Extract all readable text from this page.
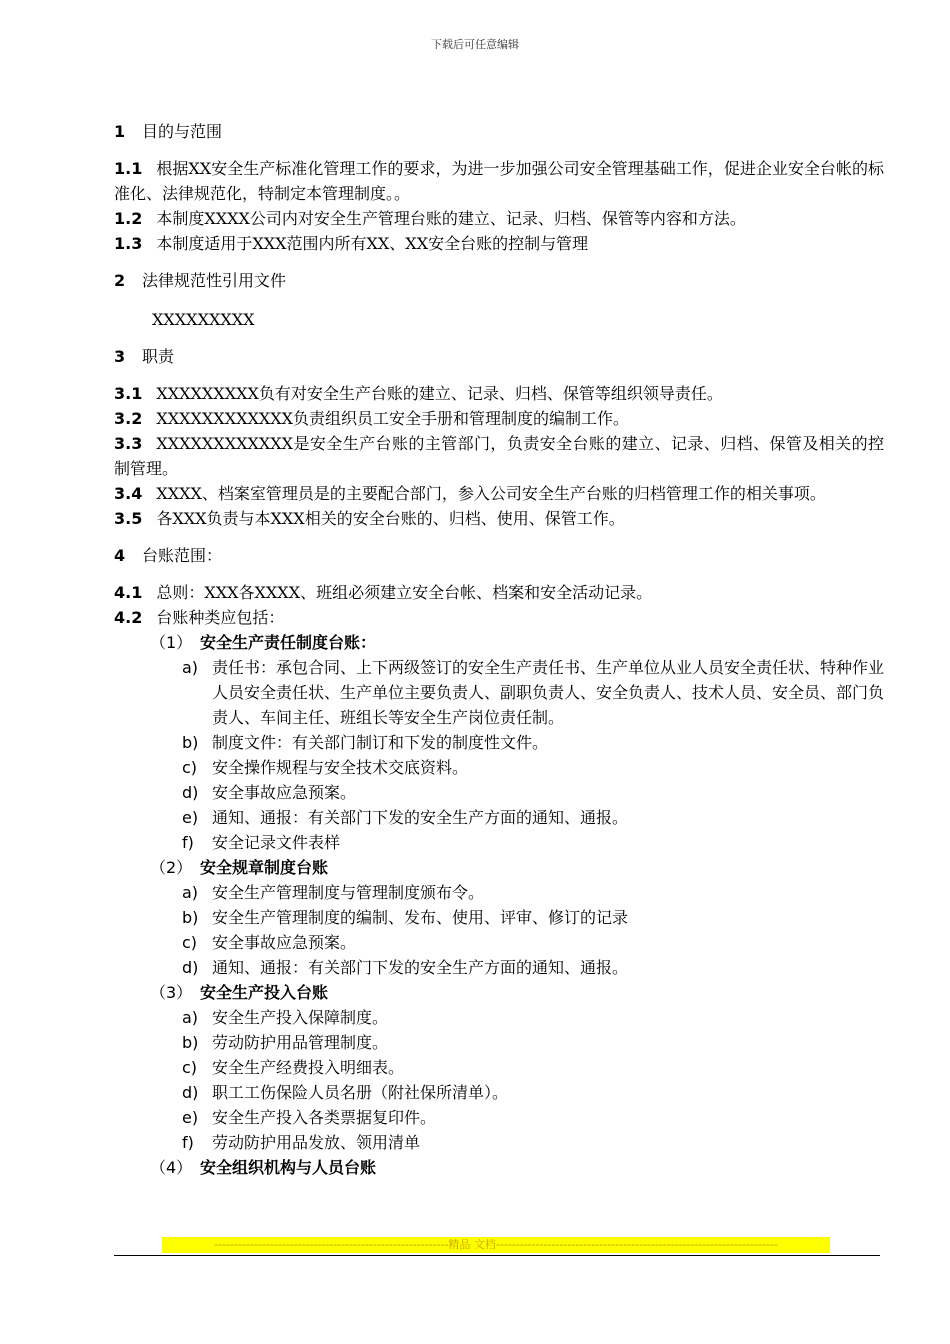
下载后可任意编辑

1 目的与范围

1.1 根据XX安全生产标准化管理工作的要求，为进一步加强公司安全管理基础工作，促进企业安全台帐的标准化、法律规范化，特制定本管理制度。。

1.2 本制度XXXX公司内对安全生产管理台账的建立、记录、归档、保管等内容和方法。

1.3 本制度适用于XXX范围内所有XX、XX安全台账的控制与管理

2 法律规范性引用文件

XXXXXXXXX

3 职责

3.1 XXXXXXXXX负有对安全生产台账的建立、记录、归档、保管等组织领导责任。

3.2 XXXXXXXXXXXX负责组织员工安全手册和管理制度的编制工作。

3.3 XXXXXXXXXXXX是安全生产台账的主管部门，负责安全台账的建立、记录、归档、保管及相关的控制管理。

3.4 XXXX、档案室管理员是的主要配合部门，参入公司安全生产台账的归档管理工作的相关事项。

3.5 各XXX负责与本XXX相关的安全台账的、归档、使用、保管工作。

4 台账范围：

4.1 总则：XXX各XXXX、班组必须建立安全台帐、档案和安全活动记录。

4.2 台账种类应包括：

（1） 安全生产责任制度台账：

a) 责任书：承包合同、上下两级签订的安全生产责任书、生产单位从业人员安全责任状、特种作业人员安全责任状、生产单位主要负责人、副职负责人、安全负责人、技术人员、安全员、部门负责人、车间主任、班组长等安全生产岗位责任制。

b) 制度文件：有关部门制订和下发的制度性文件。

c) 安全操作规程与安全技术交底资料。

d) 安全事故应急预案。

e) 通知、通报：有关部门下发的安全生产方面的通知、通报。

f) 安全记录文件表样

（2） 安全规章制度台账

a) 安全生产管理制度与管理制度颁布令。

b) 安全生产管理制度的编制、发布、使用、评审、修订的记录

c) 安全事故应急预案。

d) 通知、通报：有关部门下发的安全生产方面的通知、通报。

（3） 安全生产投入台账

a) 安全生产投入保障制度。

b) 劳动防护用品管理制度。

c) 安全生产经费投入明细表。

d) 职工工伤保险人员名册（附社保所清单）。

e) 安全生产投入各类票据复印件。

f) 劳动防护用品发放、领用清单

（4） 安全组织机构与人员台账

-----------------------------------------------------------精品 文档-----------------------------------------------------------------------
